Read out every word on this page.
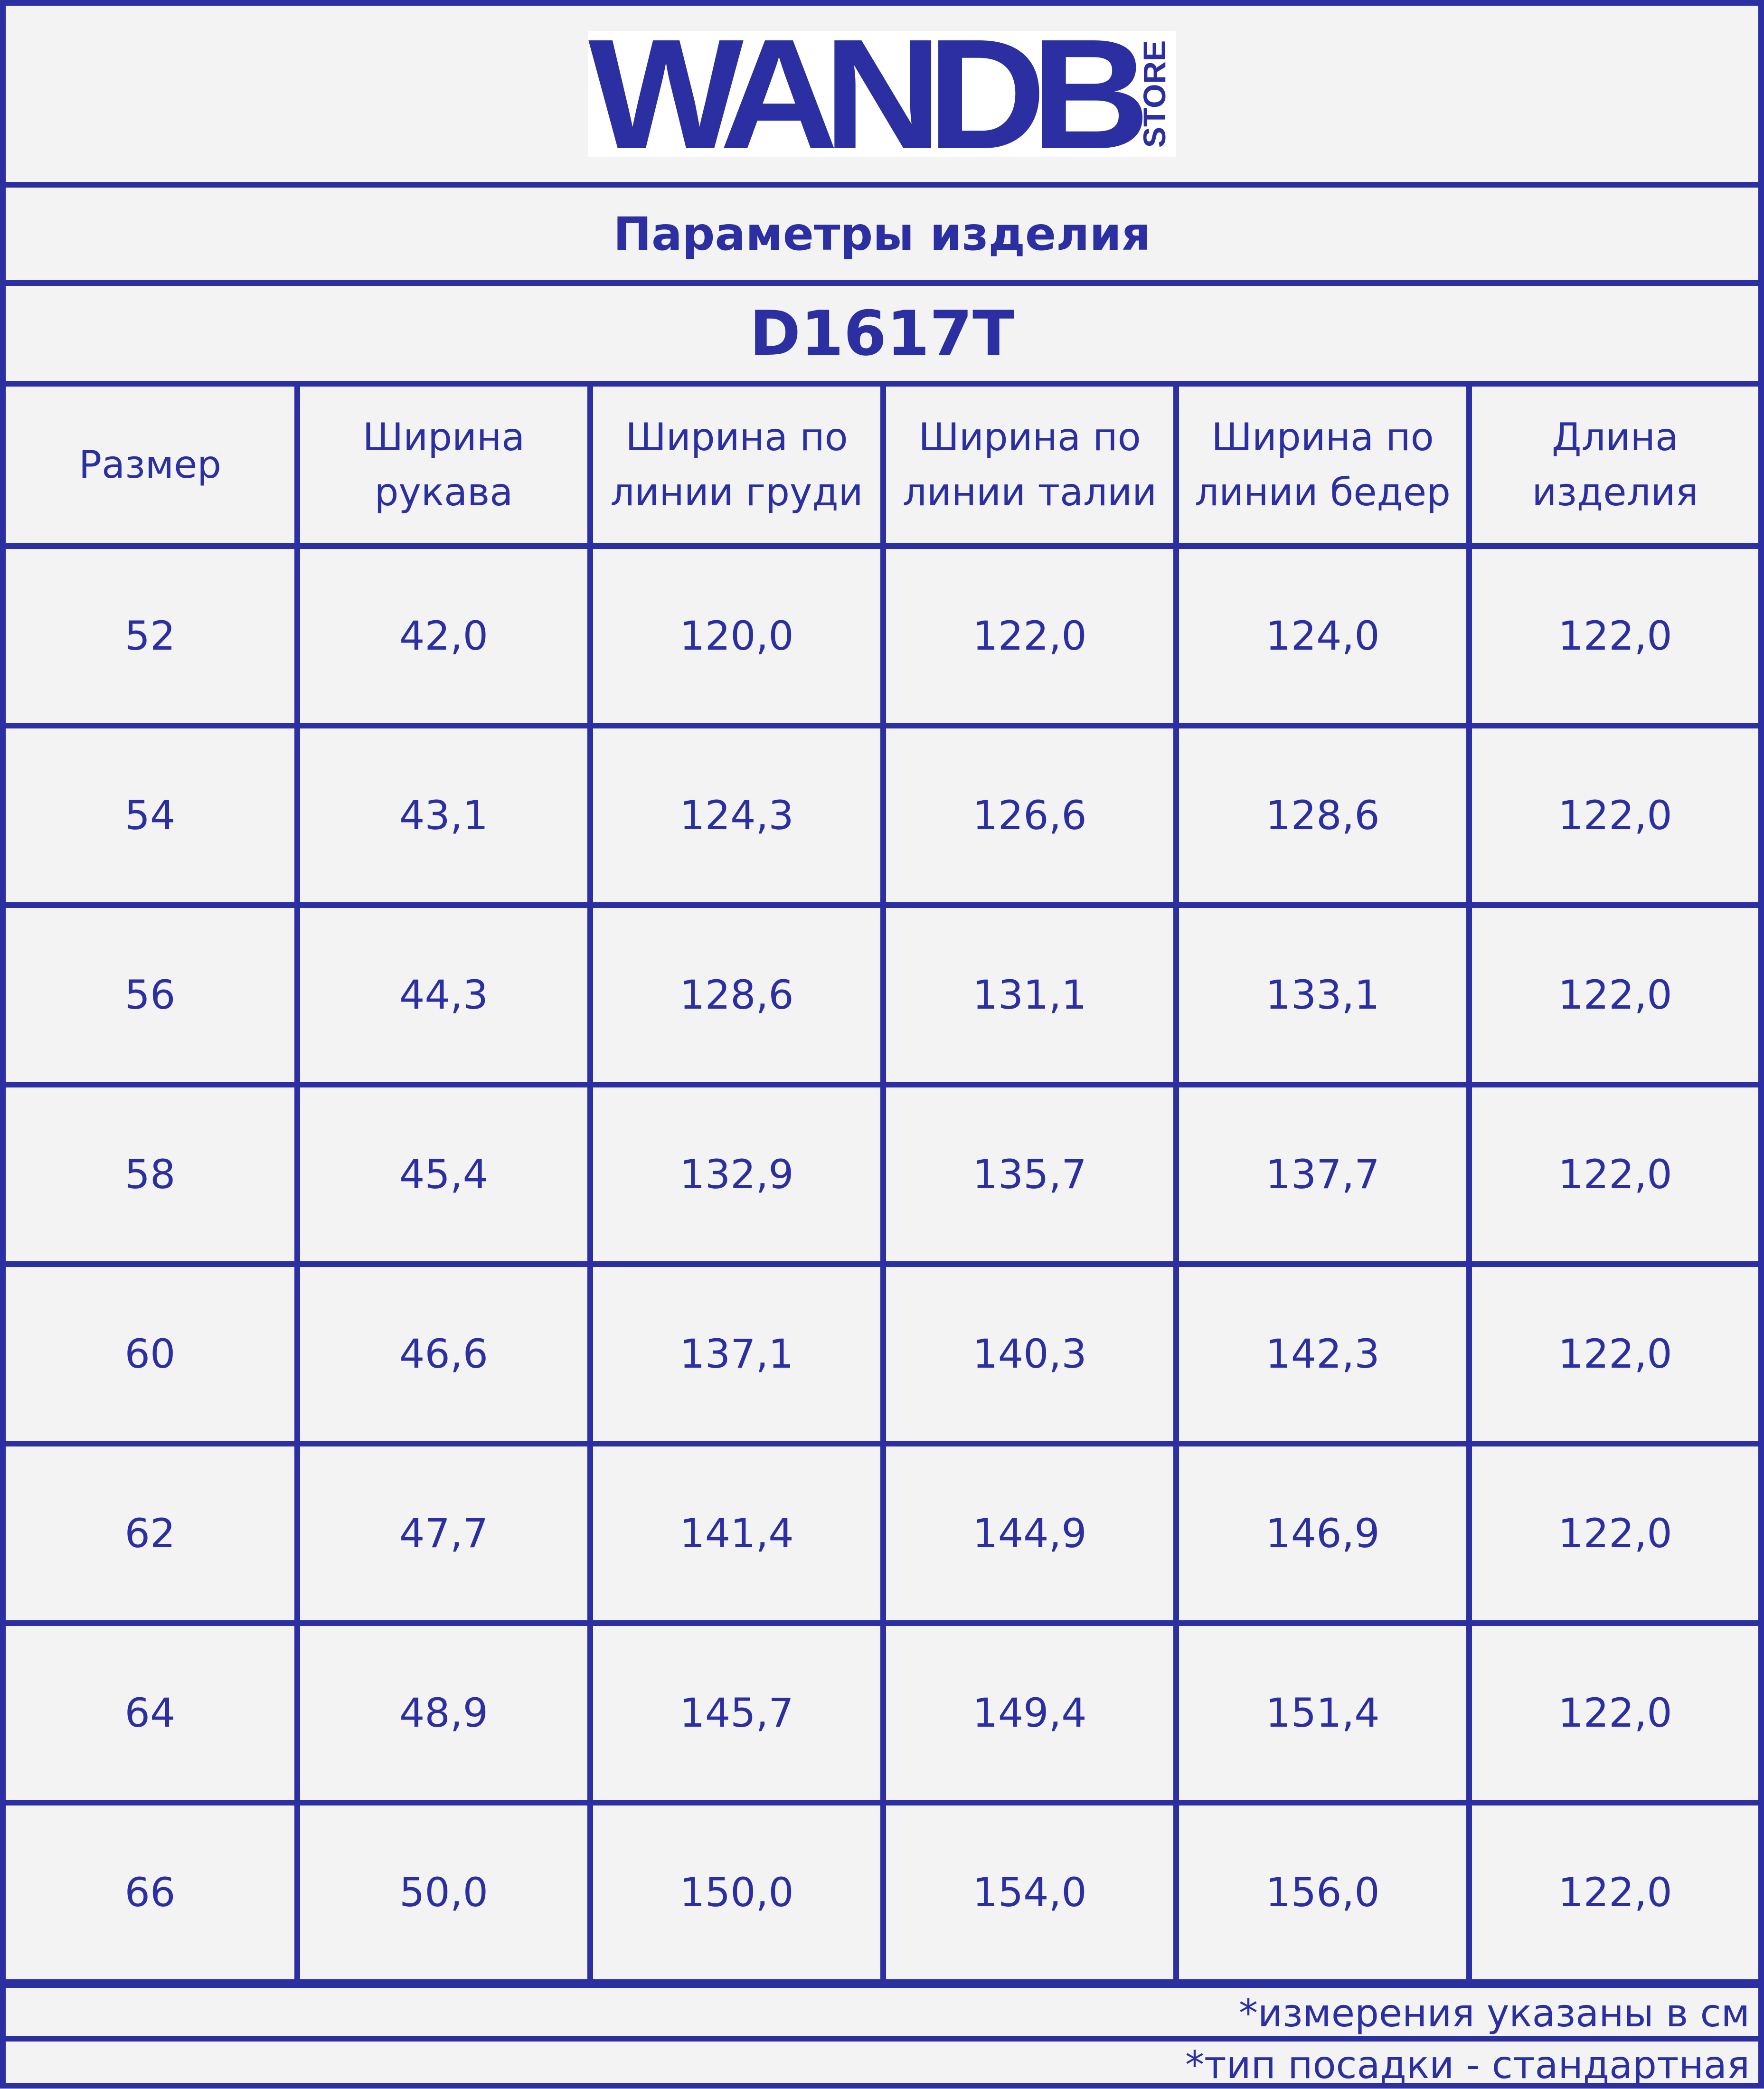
WANDB STORE
Параметры изделия
D1617T
Размер	Ширина рукава	Ширина по линии груди	Ширина по линии талии	Ширина по линии бедер	Длина изделия
52	42,0	120,0	122,0	124,0	122,0
54	43,1	124,3	126,6	128,6	122,0
56	44,3	128,6	131,1	133,1	122,0
58	45,4	132,9	135,7	137,7	122,0
60	46,6	137,1	140,3	142,3	122,0
62	47,7	141,4	144,9	146,9	122,0
64	48,9	145,7	149,4	151,4	122,0
66	50,0	150,0	154,0	156,0	122,0
*измерения указаны в см
*тип посадки - стандартная
